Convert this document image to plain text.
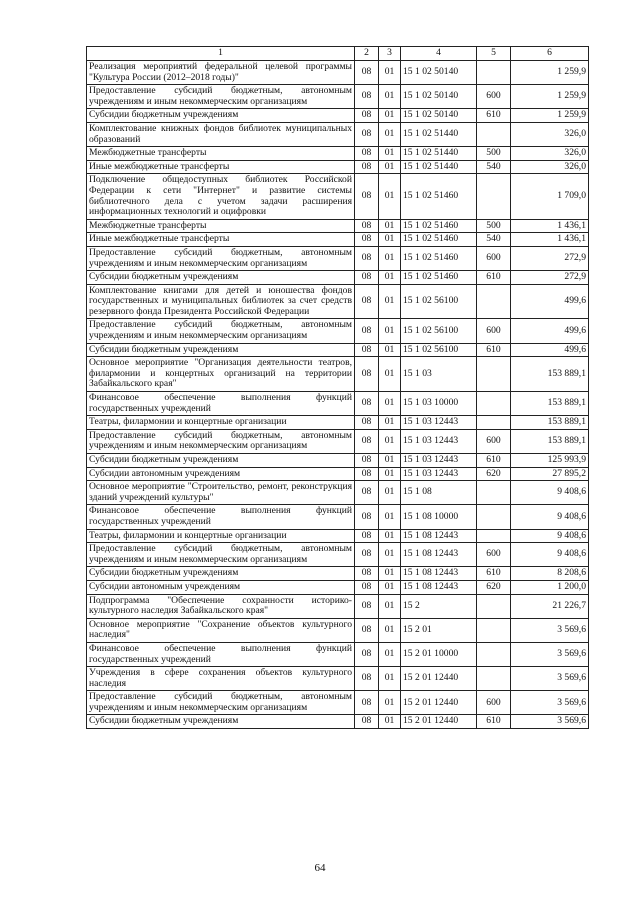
1	2	3	4	5	6
Реализация мероприятий федеральной целевой программы "Культура России (2012–2018 годы)"	08	01	15 1 02 50140		1 259,9
Предоставление субсидий бюджетным, автономным учреждениям и иным некоммерческим организациям	08	01	15 1 02 50140	600	1 259,9
Субсидии бюджетным учреждениям	08	01	15 1 02 50140	610	1 259,9
Комплектование книжных фондов библиотек муниципальных образований	08	01	15 1 02 51440		326,0
Межбюджетные трансферты	08	01	15 1 02 51440	500	326,0
Иные межбюджетные трансферты	08	01	15 1 02 51440	540	326,0
Подключение общедоступных библиотек Российской Федерации к сети "Интернет" и развитие системы библиотечного дела с учетом задачи расширения информационных технологий и оцифровки	08	01	15 1 02 51460		1 709,0
Межбюджетные трансферты	08	01	15 1 02 51460	500	1 436,1
Иные межбюджетные трансферты	08	01	15 1 02 51460	540	1 436,1
Предоставление субсидий бюджетным, автономным учреждениям и иным некоммерческим организациям	08	01	15 1 02 51460	600	272,9
Субсидии бюджетным учреждениям	08	01	15 1 02 51460	610	272,9
Комплектование книгами для детей и юношества фондов государственных и муниципальных библиотек за счет средств резервного фонда Президента Российской Федерации	08	01	15 1 02 56100		499,6
Предоставление субсидий бюджетным, автономным учреждениям и иным некоммерческим организациям	08	01	15 1 02 56100	600	499,6
Субсидии бюджетным учреждениям	08	01	15 1 02 56100	610	499,6
Основное мероприятие "Организация деятельности театров, филармонии и концертных организаций на территории Забайкальского края"	08	01	15 1 03		153 889,1
Финансовое обеспечение выполнения функций государственных учреждений	08	01	15 1 03 10000		153 889,1
Театры, филармонии и концертные организации	08	01	15 1 03 12443		153 889,1
Предоставление субсидий бюджетным, автономным учреждениям и иным некоммерческим организациям	08	01	15 1 03 12443	600	153 889,1
Субсидии бюджетным учреждениям	08	01	15 1 03 12443	610	125 993,9
Субсидии автономным учреждениям	08	01	15 1 03 12443	620	27 895,2
Основное мероприятие "Строительство, ремонт, реконструкция зданий учреждений культуры"	08	01	15 1 08		9 408,6
Финансовое обеспечение выполнения функций государственных учреждений	08	01	15 1 08 10000		9 408,6
Театры, филармонии и концертные организации	08	01	15 1 08 12443		9 408,6
Предоставление субсидий бюджетным, автономным учреждениям и иным некоммерческим организациям	08	01	15 1 08 12443	600	9 408,6
Субсидии бюджетным учреждениям	08	01	15 1 08 12443	610	8 208,6
Субсидии автономным учреждениям	08	01	15 1 08 12443	620	1 200,0
Подпрограмма "Обеспечение сохранности историко-культурного наследия Забайкальского края"	08	01	15 2		21 226,7
Основное мероприятие "Сохранение объектов культурного наследия"	08	01	15 2 01		3 569,6
Финансовое обеспечение выполнения функций государственных учреждений	08	01	15 2 01 10000		3 569,6
Учреждения в сфере сохранения объектов культурного наследия	08	01	15 2 01 12440		3 569,6
Предоставление субсидий бюджетным, автономным учреждениям и иным некоммерческим организациям	08	01	15 2 01 12440	600	3 569,6
Субсидии бюджетным учреждениям	08	01	15 2 01 12440	610	3 569,6
64
